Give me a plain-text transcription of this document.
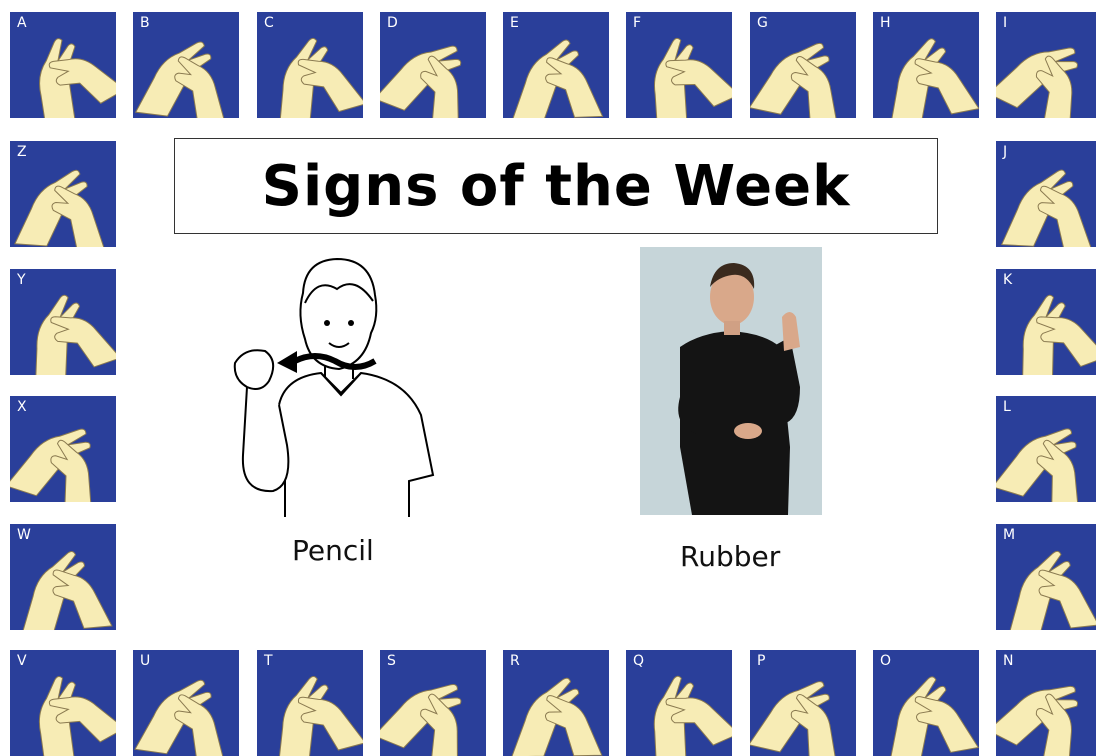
A	B	C	D	E	F	G	H	I
J
K
L
M
V	U	T	S	R	Q	P	O	N
Z
Y
X
W
Signs of the Week
Pencil	Rubber
